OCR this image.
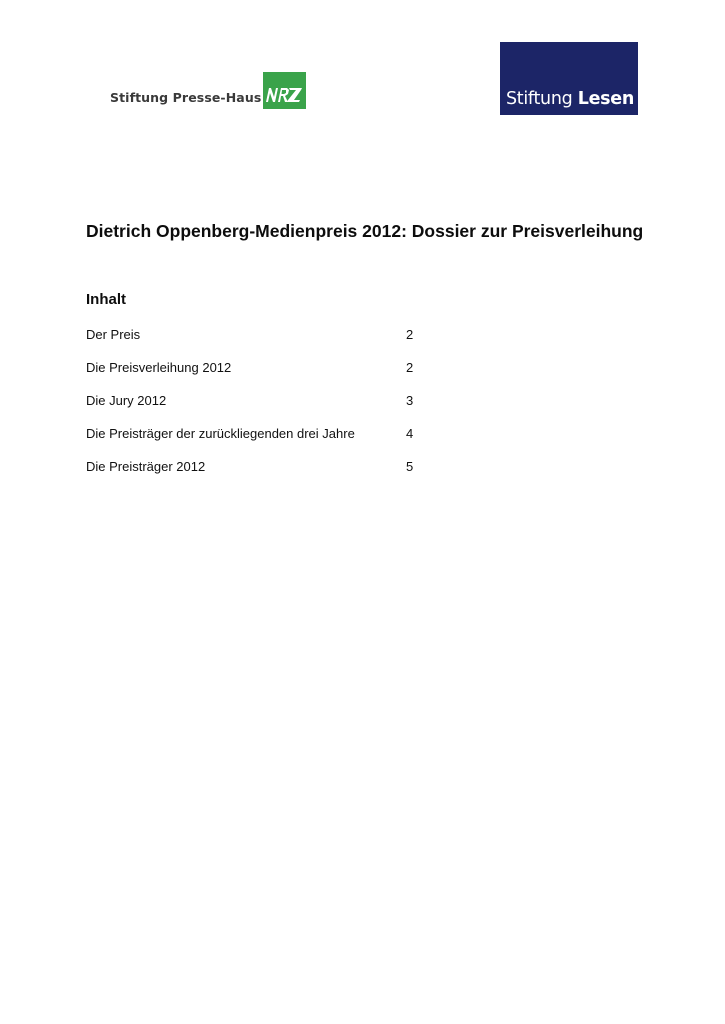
Stiftung Presse-Haus	Stiftung Lesen
Dietrich Oppenberg-Medienpreis 2012: Dossier zur Preisverleihung
Inhalt
Der Preis	2
Die Preisverleihung 2012	2
Die Jury 2012	3
Die Preisträger der zurückliegenden drei Jahre	4
Die Preisträger 2012	5
